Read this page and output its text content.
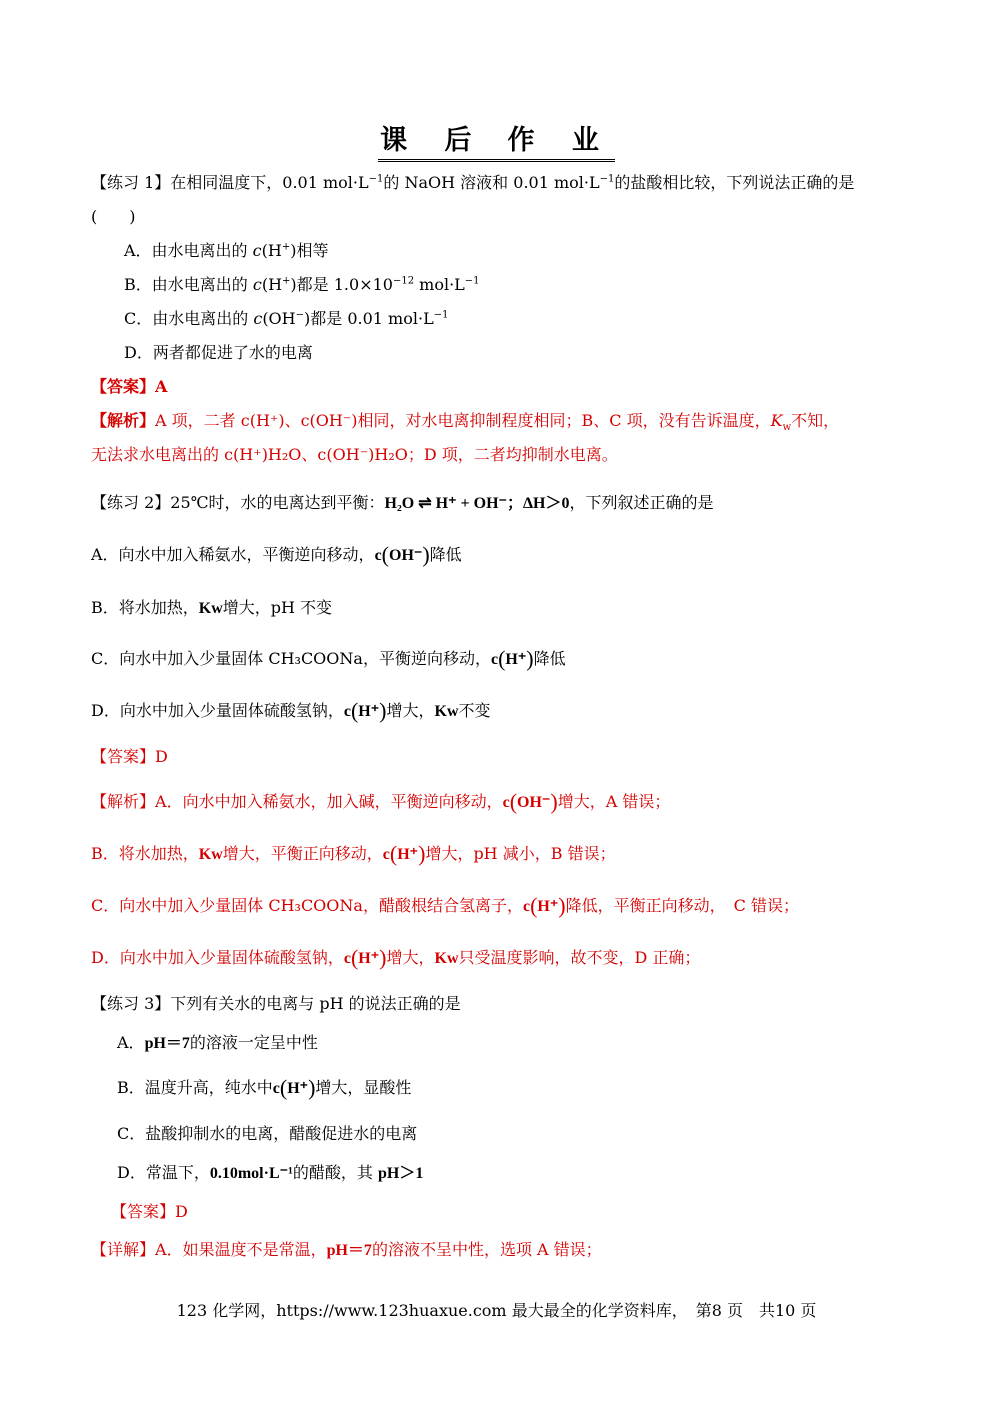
课 后 作 业
【练习 1】在相同温度下，0.01 $mol\cdot L^{-1}$的 NaOH 溶液和 0.01 $mol\cdot L^{-1}$的盐酸相比较，下列说法正确的是
(　　)
A．由水电离出的 c(H+)相等
B．由水电离出的 c(H+)都是 $1.0\times 10^{-12}$ $mol\cdot L^{-1}$
C．由水电离出的 c(OH−)都是 0.01 $mol\cdot L^{-1}$
D．两者都促进了水的电离
【答案】A
【解析】A 项，二者 c(H⁺)、c(OH⁻)相同，对水电离抑制程度相同；B、C 项，没有告诉温度，$K_w$不知，
无法求水电离出的 c(H⁺)H₂O、c(OH⁻)H₂O；D 项，二者均抑制水电离。
【练习 2】25℃时，水的电离达到平衡：H₂O ⇌ H⁺ + OH⁻；ΔH＞0，下列叙述正确的是
A．向水中加入稀氨水，平衡逆向移动，c(OH⁻)降低
B．将水加热，Kw增大，pH 不变
C．向水中加入少量固体 CH₃COONa，平衡逆向移动，c(H⁺)降低
D．向水中加入少量固体硫酸氢钠，c(H⁺)增大，Kw不变
【答案】D
【解析】A．向水中加入稀氨水，加入碱，平衡逆向移动，c(OH⁻)增大，A 错误；
B．将水加热，Kw增大，平衡正向移动，c(H⁺)增大，pH 减小，B 错误；
C．向水中加入少量固体 CH₃COONa，醋酸根结合氢离子，c(H⁺)降低，平衡正向移动，　C 错误；
D．向水中加入少量固体硫酸氢钠，c(H⁺)增大，Kw只受温度影响，故不变，D 正确；
【练习 3】下列有关水的电离与 pH 的说法正确的是
A．pH＝7的溶液一定呈中性
B．温度升高，纯水中c(H⁺)增大，显酸性
C．盐酸抑制水的电离，醋酸促进水的电离
D．常温下，0.10mol·L⁻¹的醋酸，其 pH＞1
【答案】D
【详解】A．如果温度不是常温，pH＝7的溶液不呈中性，选项 A 错误；
123 化学网，https://www.123huaxue.com 最大最全的化学资料库，　第8 页　共10 页
